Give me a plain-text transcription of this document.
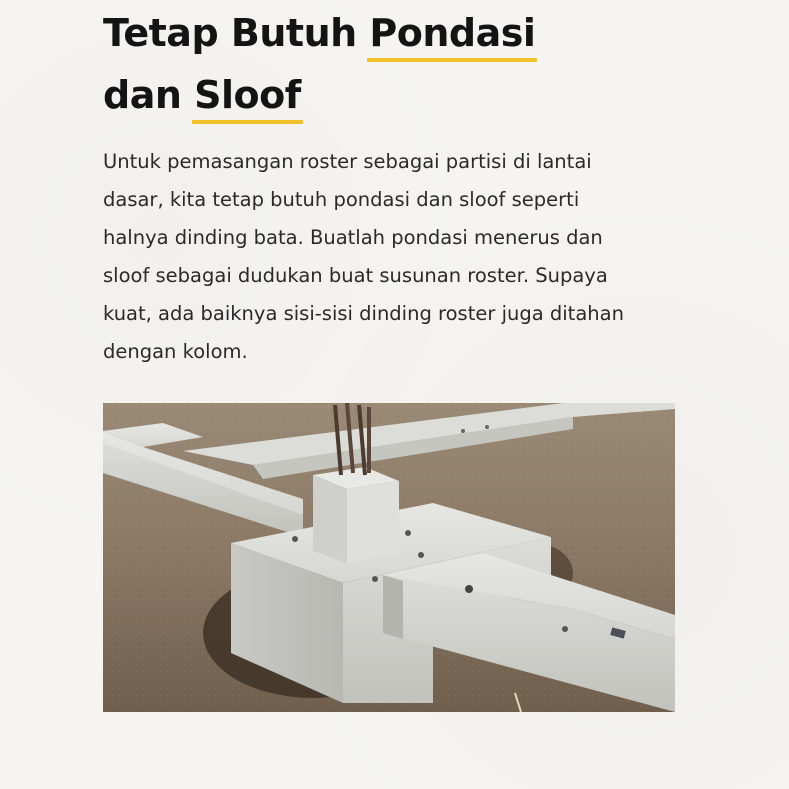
Tetap Butuh Pondasi
dan Sloof

Untuk pemasangan roster sebagai partisi di lantai
dasar, kita tetap butuh pondasi dan sloof seperti
halnya dinding bata. Buatlah pondasi menerus dan
sloof sebagai dudukan buat susunan roster. Supaya
kuat, ada baiknya sisi-sisi dinding roster juga ditahan
dengan kolom.
